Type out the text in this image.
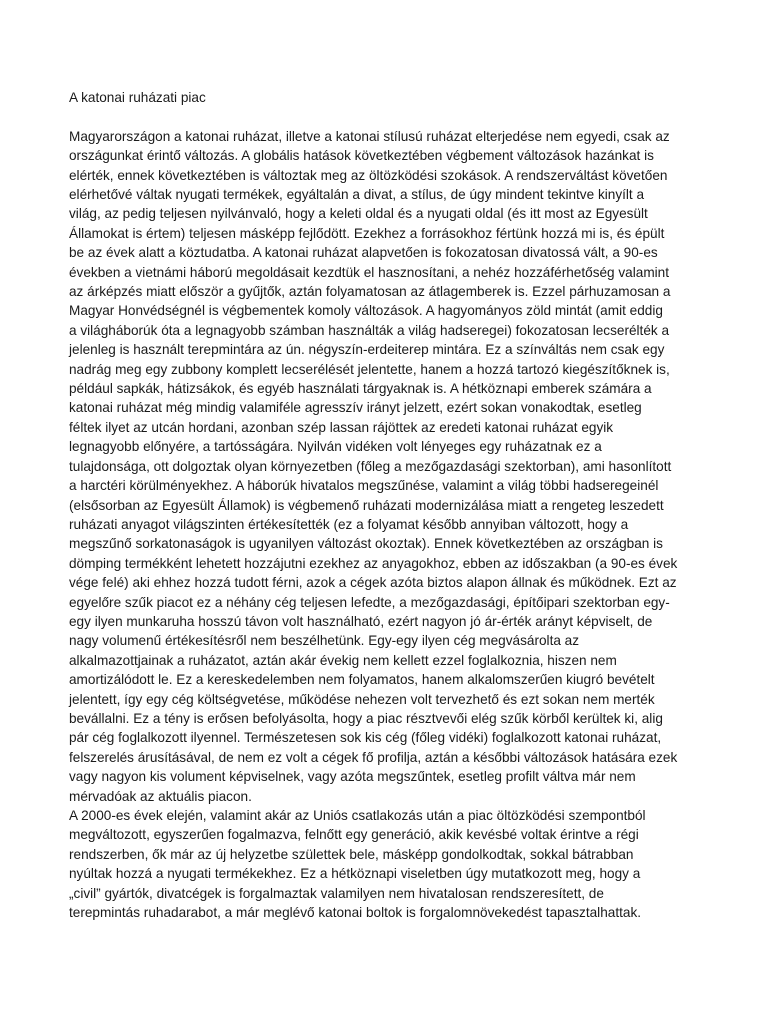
A katonai ruházati piac

Magyarországon a katonai ruházat, illetve a katonai stílusú ruházat elterjedése nem egyedi, csak az
országunkat érintő változás. A globális hatások következtében végbement változások hazánkat is
elérték, ennek következtében is változtak meg az öltözködési szokások. A rendszerváltást követően
elérhetővé váltak nyugati termékek, egyáltalán a divat, a stílus, de úgy mindent tekintve kinyílt a
világ, az pedig teljesen nyilvánvaló, hogy a keleti oldal és a nyugati oldal (és itt most az Egyesült
Államokat is értem) teljesen másképp fejlődött. Ezekhez a forrásokhoz fértünk hozzá mi is, és épült
be az évek alatt a köztudatba. A katonai ruházat alapvetően is fokozatosan divatossá vált, a 90-es
években a vietnámi háború megoldásait kezdtük el hasznosítani, a nehéz hozzáférhetőség valamint
az árképzés miatt először a gyűjtők, aztán folyamatosan az átlagemberek is. Ezzel párhuzamosan a
Magyar Honvédségnél is végbementek komoly változások. A hagyományos zöld mintát (amit eddig
a világháborúk óta a legnagyobb számban használták a világ hadseregei) fokozatosan lecserélték a
jelenleg is használt terepmintára az ún. négyszín-erdeiterep mintára. Ez a színváltás nem csak egy
nadrág meg egy zubbony komplett lecserélését jelentette, hanem a hozzá tartozó kiegészítőknek is,
például sapkák, hátizsákok, és egyéb használati tárgyaknak is. A hétköznapi emberek számára a
katonai ruházat még mindig valamiféle agresszív irányt jelzett, ezért sokan vonakodtak, esetleg
féltek ilyet az utcán hordani, azonban szép lassan rájöttek az eredeti katonai ruházat egyik
legnagyobb előnyére, a tartósságára. Nyilván vidéken volt lényeges egy ruházatnak ez a
tulajdonsága, ott dolgoztak olyan környezetben (főleg a mezőgazdasági szektorban), ami hasonlított
a harctéri körülményekhez. A háborúk hivatalos megszűnése, valamint a világ többi hadseregeinél
(elsősorban az Egyesült Államok) is végbemenő ruházati modernizálása miatt a rengeteg leszedett
ruházati anyagot világszinten értékesítették (ez a folyamat később annyiban változott, hogy a
megszűnő sorkatonaságok is ugyanilyen változást okoztak). Ennek következtében az országban is
dömping termékként lehetett hozzájutni ezekhez az anyagokhoz, ebben az időszakban (a 90-es évek
vége felé) aki ehhez hozzá tudott férni, azok a cégek azóta biztos alapon állnak és működnek. Ezt az
egyelőre szűk piacot ez a néhány cég teljesen lefedte, a mezőgazdasági, építőipari szektorban egy-
egy ilyen munkaruha hosszú távon volt használható, ezért nagyon jó ár-érték arányt képviselt, de
nagy volumenű értékesítésről nem beszélhetünk. Egy-egy ilyen cég megvásárolta az
alkalmazottjainak a ruházatot, aztán akár évekig nem kellett ezzel foglalkoznia, hiszen nem
amortizálódott le. Ez a kereskedelemben nem folyamatos, hanem alkalomszerűen kiugró bevételt
jelentett, így egy cég költségvetése, működése nehezen volt tervezhető és ezt sokan nem merték
bevállalni. Ez a tény is erősen befolyásolta, hogy a piac résztvevői elég szűk körből kerültek ki, alig
pár cég foglalkozott ilyennel. Természetesen sok kis cég (főleg vidéki) foglalkozott katonai ruházat,
felszerelés árusításával, de nem ez volt a cégek fő profilja, aztán a későbbi változások hatására ezek
vagy nagyon kis volument képviselnek, vagy azóta megszűntek, esetleg profilt váltva már nem
mérvadóak az aktuális piacon.

A 2000-es évek elején, valamint akár az Uniós csatlakozás után a piac öltözködési szempontból
megváltozott, egyszerűen fogalmazva, felnőtt egy generáció, akik kevésbé voltak érintve a régi
rendszerben, ők már az új helyzetbe születtek bele, másképp gondolkodtak, sokkal bátrabban
nyúltak hozzá a nyugati termékekhez. Ez a hétköznapi viseletben úgy mutatkozott meg, hogy a
„civil” gyártók, divatcégek is forgalmaztak valamilyen nem hivatalosan rendszeresített, de
terepmintás ruhadarabot, a már meglévő katonai boltok is forgalomnövekedést tapasztalhattak.
